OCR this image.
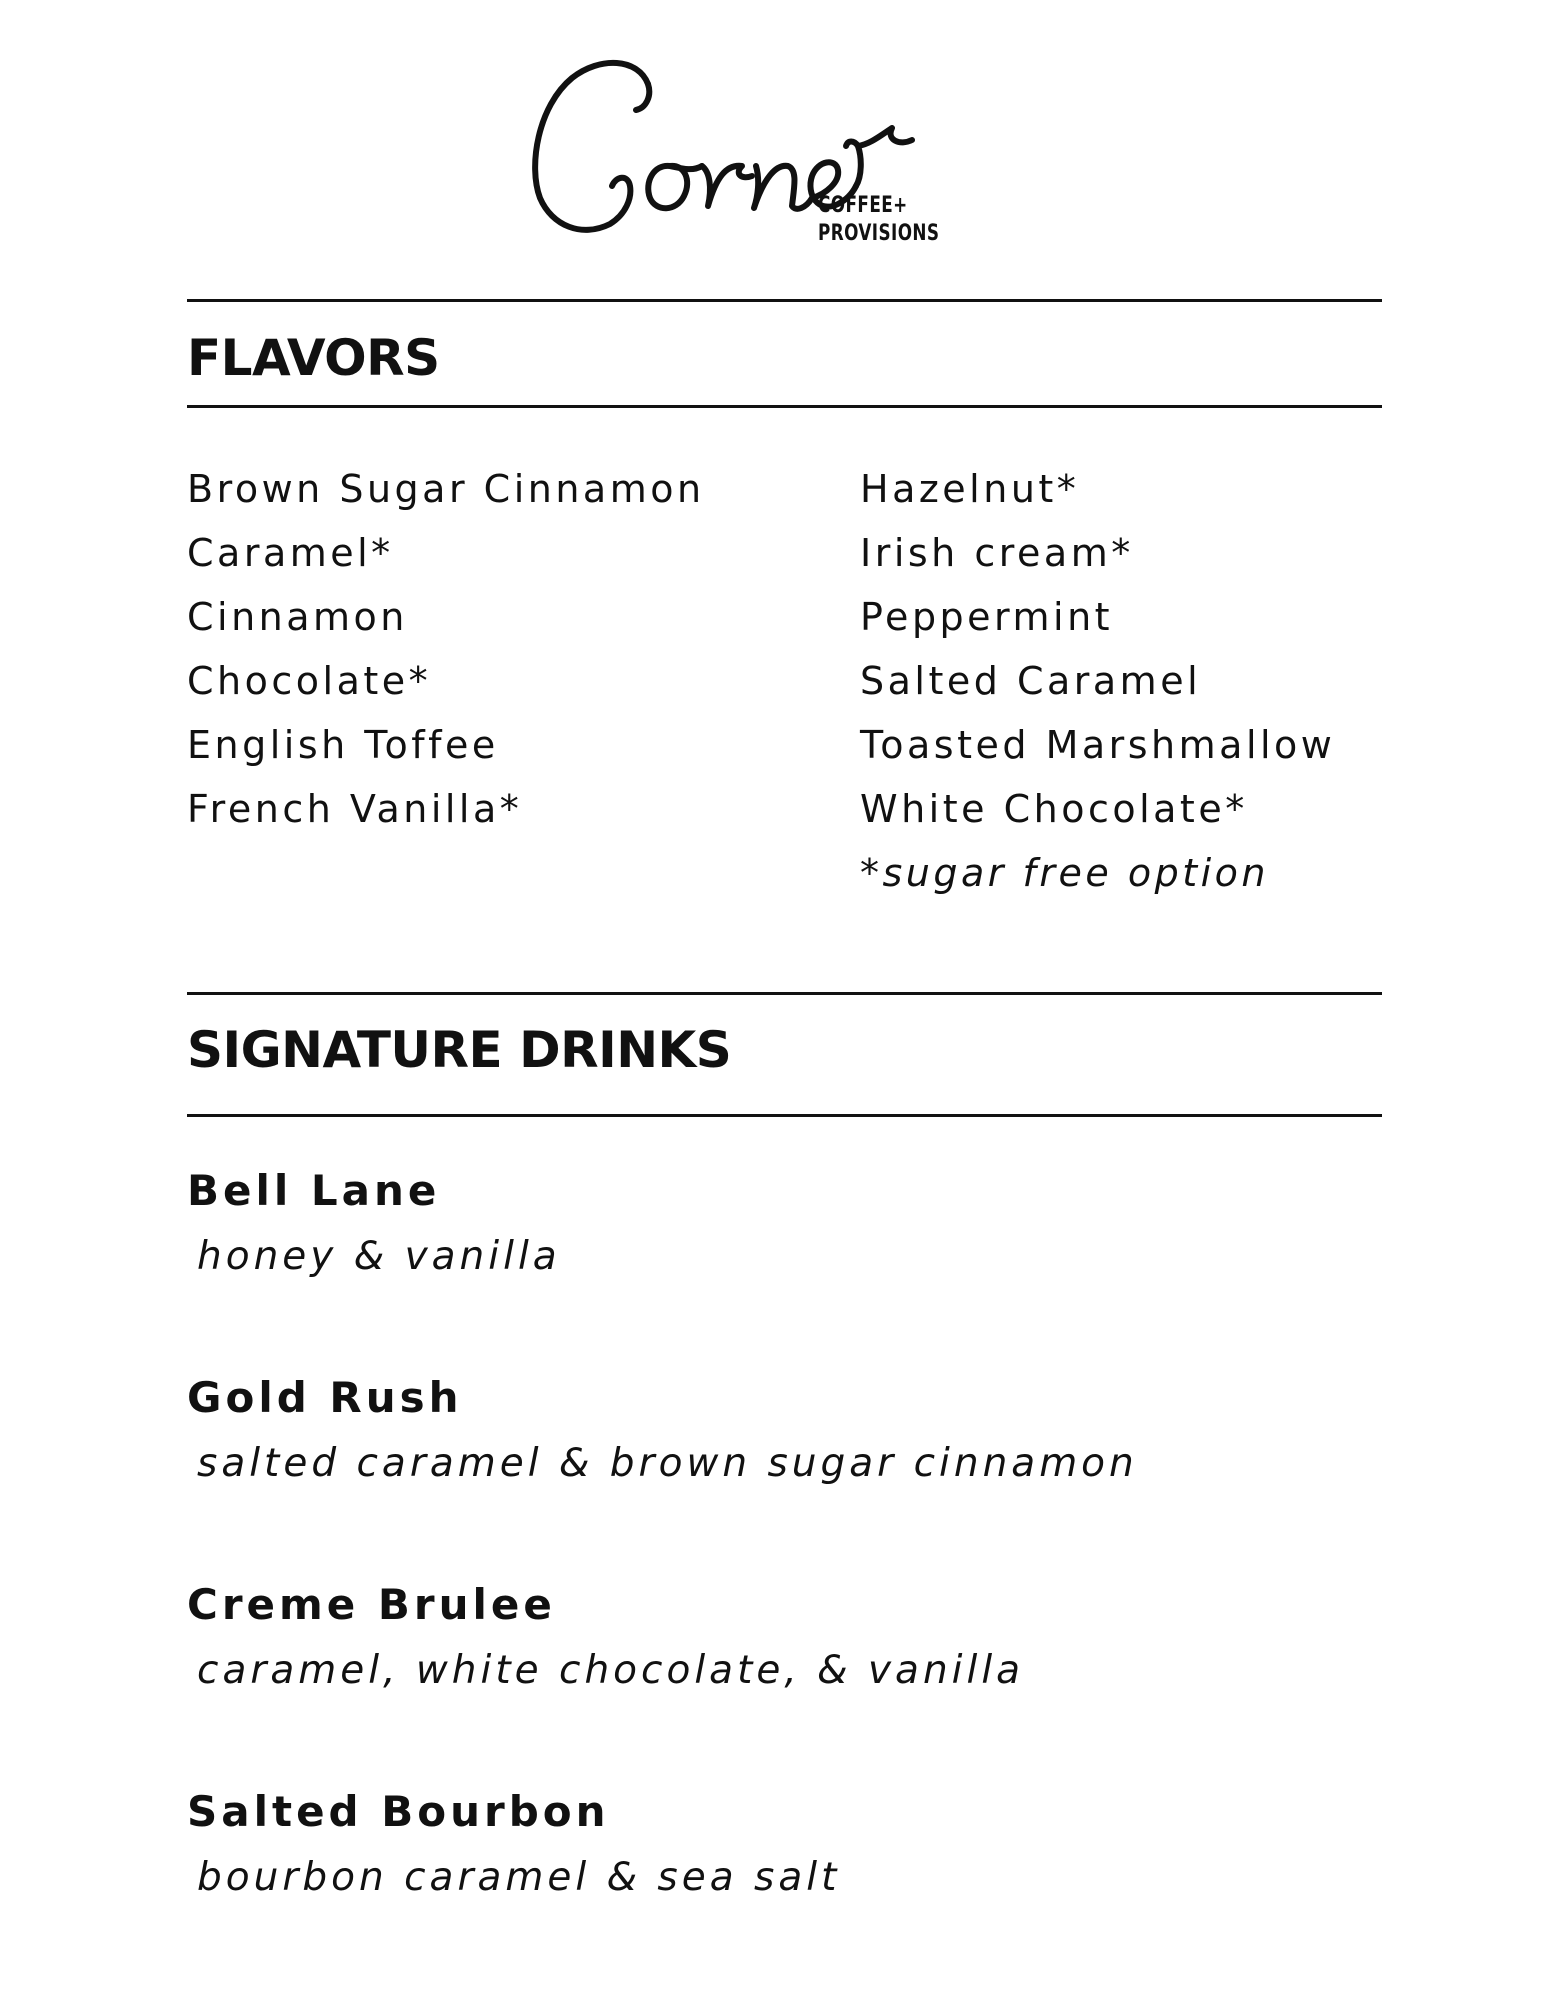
COFFEE+
PROVISIONS
FLAVORS
Brown Sugar Cinnamon
Caramel*
Cinnamon
Chocolate*
English Toffee
French Vanilla*
Hazelnut*
Irish cream*
Peppermint
Salted Caramel
Toasted Marshmallow
White Chocolate*
*sugar free option
SIGNATURE DRINKS
Bell Lane
honey & vanilla
Gold Rush
salted caramel & brown sugar cinnamon
Creme Brulee
caramel, white chocolate, & vanilla
Salted Bourbon
bourbon caramel & sea salt
